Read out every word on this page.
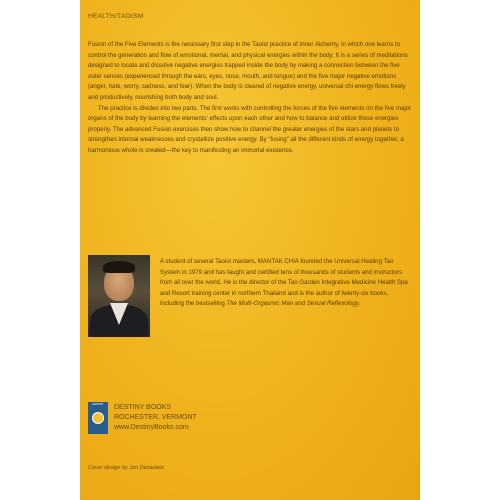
HEALTH/TAOISM

Fusion of the Five Elements is the necessary first step in the Taoist practice of Inner Alchemy, in which one learns to control the generation and flow of emotional, mental, and physical energies within the body. It is a series of meditations designed to locate and dissolve negative energies trapped inside the body by making a connection between the five outer senses (experienced through the ears, eyes, nose, mouth, and tongue) and the five major negative emotions (anger, hate, worry, sadness, and fear). When the body is cleared of negative energy, universal chi energy flows freely and productively, nourishing both body and soul.

The practice is divided into two parts. The first works with controlling the forces of the five elements on the five major organs of the body by learning the elements' effects upon each other and how to balance and utilize these energies properly. The advanced Fusion exercises then show how to channel the greater energies of the stars and planets to strengthen internal weaknesses and crystallize positive energy. By “fusing” all the different kinds of energy together, a harmonious whole is created—the key to manifesting an immortal existence.

A student of several Taoist masters, MANTAK CHIA founded the Universal Healing Tao System in 1979 and has taught and certified tens of thousands of students and instructors from all over the world. He is the director of the Tao Garden Integrative Medicine Health Spa and Resort training center in northern Thailand and is the author of twenty-six books, including the bestselling The Multi-Orgasmic Man and Sexual Reflexology.
DESTINY	DESTINY BOOKS
ROCHESTER, VERMONT
www.DestinyBooks.com
Cover design by Jon Desautels
